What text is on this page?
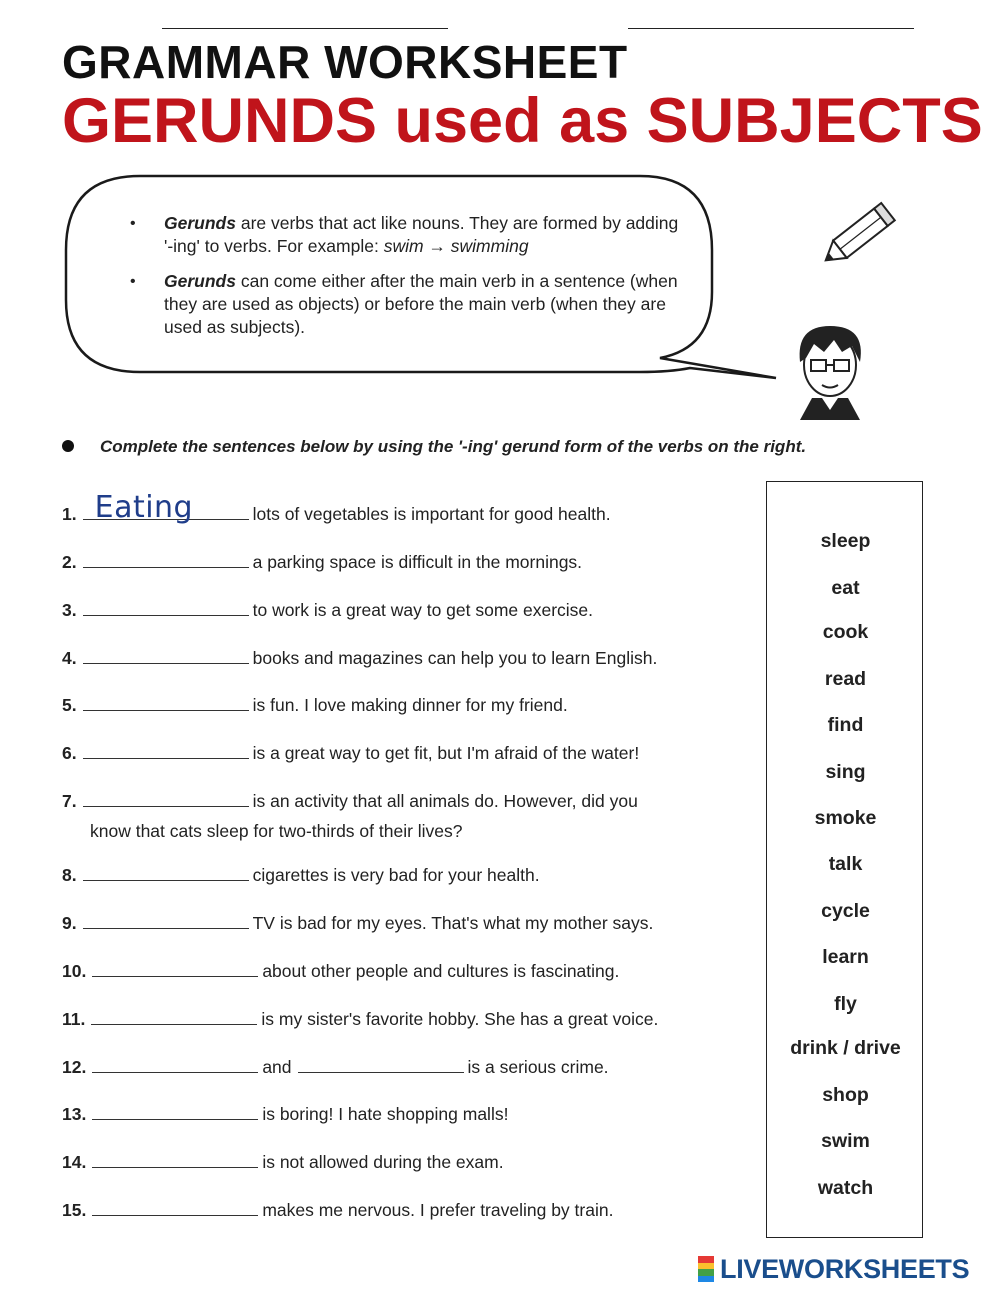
GRAMMAR WORKSHEET
GERUNDS used as SUBJECTS
•	Gerunds are verbs that act like nouns. They are formed by adding '-ing' to verbs. For example: swim → swimming
•	Gerunds can come either after the main verb in a sentence (when they are used as objects) or before the main verb (when they are used as subjects).
Complete the sentences below by using the '-ing' gerund form of the verbs on the right.
1. Eating	lots of vegetables is important for good health.
2.	a parking space is difficult in the mornings.
3.	to work is a great way to get some exercise.
4.	books and magazines can help you to learn English.
5.	is fun. I love making dinner for my friend.
6.	is a great way to get fit, but I'm afraid of the water!
7.	is an activity that all animals do. However, did you
know that cats sleep for two-thirds of their lives?
8.	cigarettes is very bad for your health.
9.	TV is bad for my eyes. That's what my mother says.
10.	about other people and cultures is fascinating.
11.	is my sister's favorite hobby. She has a great voice.
12.	and	is a serious crime.
13.	is boring! I hate shopping malls!
14.	is not allowed during the exam.
15.	makes me nervous. I prefer traveling by train.
sleep
eat
cook
read
find
sing
smoke
talk
cycle
learn
fly
drink / drive
shop
swim
watch
LIVEWORKSHEETS
